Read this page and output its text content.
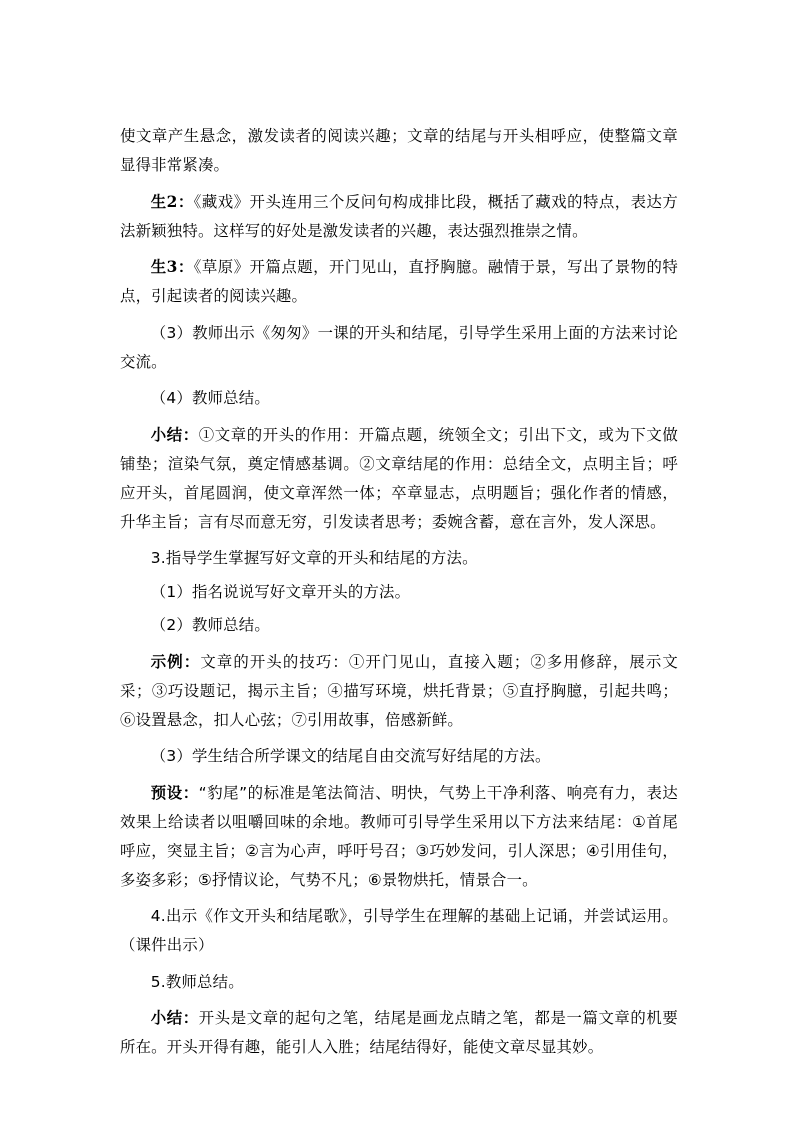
使文章产生悬念，激发读者的阅读兴趣；文章的结尾与开头相呼应，使整篇文章显得非常紧凑。

生2：《藏戏》开头连用三个反问句构成排比段，概括了藏戏的特点，表达方法新颖独特。这样写的好处是激发读者的兴趣，表达强烈推崇之情。

生3：《草原》开篇点题，开门见山，直抒胸臆。融情于景，写出了景物的特点，引起读者的阅读兴趣。

（3）教师出示《匆匆》一课的开头和结尾，引导学生采用上面的方法来讨论交流。

（4）教师总结。

小结：①文章的开头的作用：开篇点题，统领全文；引出下文，或为下文做铺垫；渲染气氛，奠定情感基调。②文章结尾的作用：总结全文，点明主旨；呼应开头，首尾圆润，使文章浑然一体；卒章显志，点明题旨；强化作者的情感，升华主旨；言有尽而意无穷，引发读者思考；委婉含蓄，意在言外，发人深思。

3.指导学生掌握写好文章的开头和结尾的方法。

（1）指名说说写好文章开头的方法。

（2）教师总结。

示例：文章的开头的技巧：①开门见山，直接入题；②多用修辞，展示文采；③巧设题记，揭示主旨；④描写环境，烘托背景；⑤直抒胸臆，引起共鸣；⑥设置悬念，扣人心弦；⑦引用故事，倍感新鲜。

（3）学生结合所学课文的结尾自由交流写好结尾的方法。

预设：“豹尾”的标准是笔法简洁、明快，气势上干净利落、响亮有力，表达效果上给读者以咀嚼回味的余地。教师可引导学生采用以下方法来结尾：①首尾呼应，突显主旨；②言为心声，呼吁号召；③巧妙发问，引人深思；④引用佳句，多姿多彩；⑤抒情议论，气势不凡；⑥景物烘托，情景合一。

4.出示《作文开头和结尾歌》，引导学生在理解的基础上记诵，并尝试运用。（课件出示）

5.教师总结。

小结：开头是文章的起句之笔，结尾是画龙点睛之笔，都是一篇文章的机要所在。开头开得有趣，能引人入胜；结尾结得好，能使文章尽显其妙。
